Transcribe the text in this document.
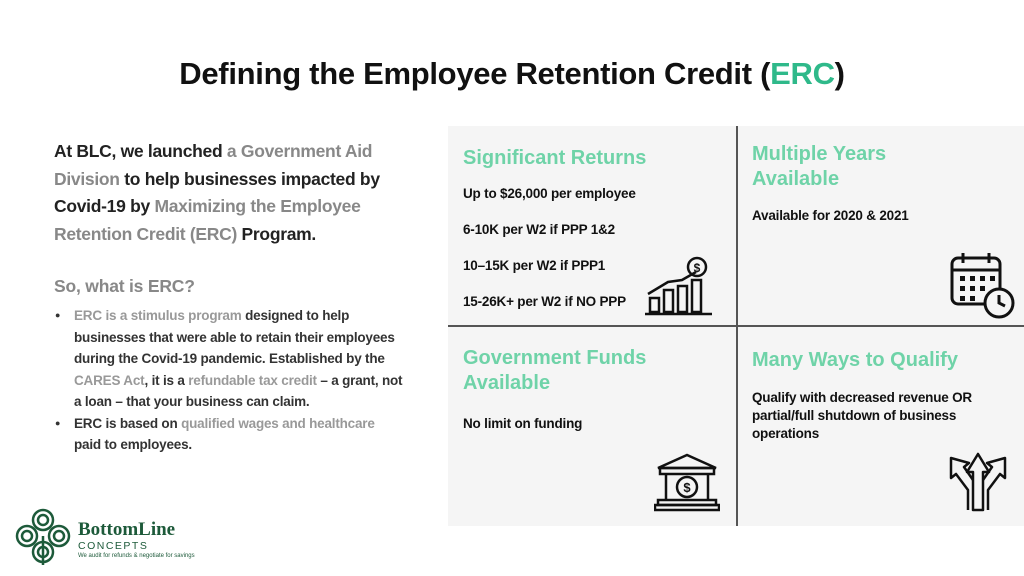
Defining the Employee Retention Credit (ERC)

At BLC, we launched a Government Aid Division to help businesses impacted by Covid-19 by Maximizing the Employee Retention Credit (ERC) Program.

So, what is ERC?

● ERC is a stimulus program designed to help businesses that were able to retain their employees during the Covid-19 pandemic. Established by the CARES Act, it is a refundable tax credit – a grant, not a loan – that your business can claim.
● ERC is based on qualified wages and healthcare paid to employees.
Significant Returns
Up to $26,000 per employee
6-10K per W2 if PPP 1&2
10–15K per W2 if PPP1
15-26K+ per W2 if NO PPP
$
Multiple Years
Available
Available for 2020 & 2021
Government Funds
Available
No limit on funding
$
Many Ways to Qualify
Qualify with decreased revenue OR
partial/full shutdown of business
operations
BottomLine
CONCEPTS
We audit for refunds & negotiate for savings
